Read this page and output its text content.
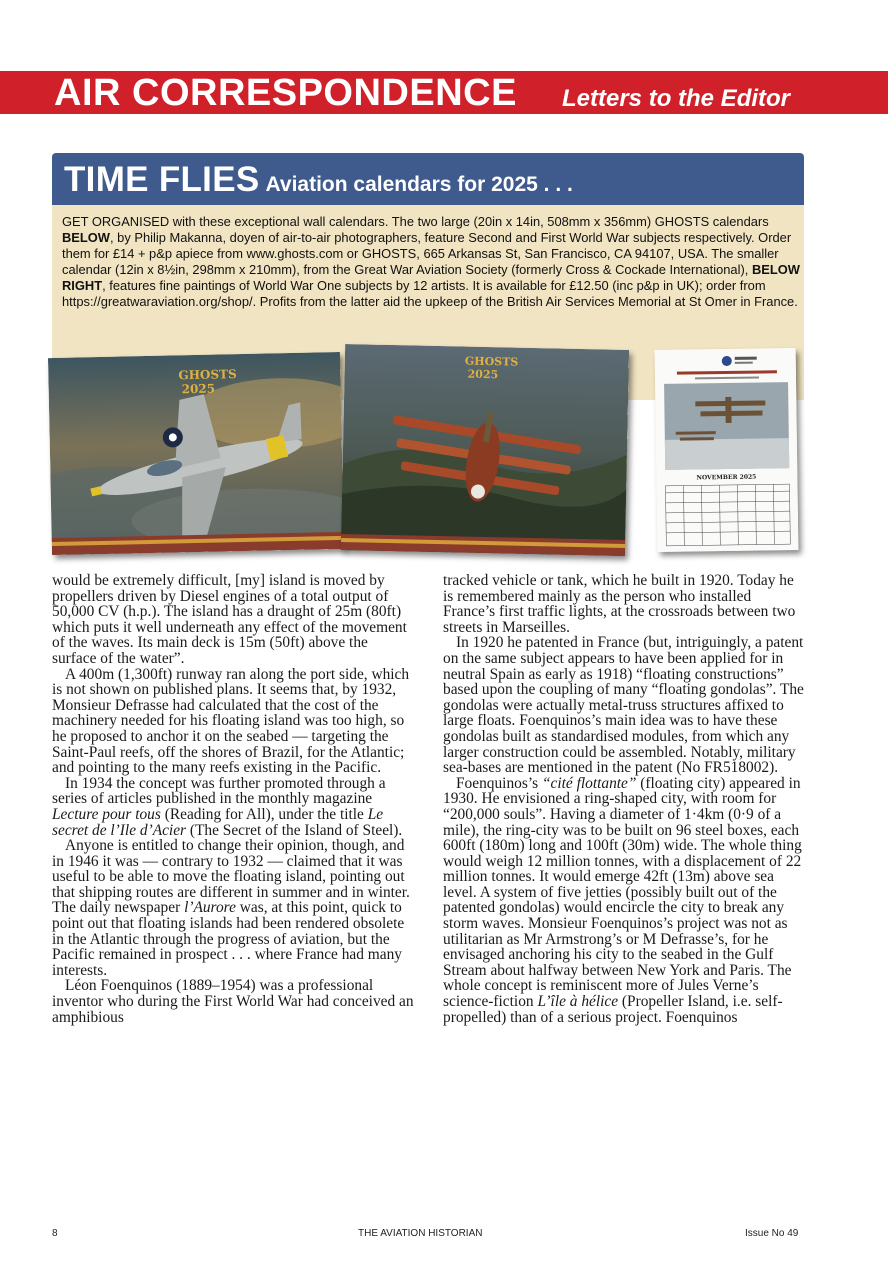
AIR CORRESPONDENCE Letters to the Editor
TIME FLIES Aviation calendars for 2025 . . .
GET ORGANISED with these exceptional wall calendars. The two large (20in x 14in, 508mm x 356mm) GHOSTS calendars BELOW, by Philip Makanna, doyen of air-to-air photographers, feature Second and First World War subjects respectively. Order them for £14 + p&p apiece from www.ghosts.com or GHOSTS, 665 Arkansas St, San Francisco, CA 94107, USA. The smaller calendar (12in x 8½in, 298mm x 210mm), from the Great War Aviation Society (formerly Cross & Cockade International), BELOW RIGHT, features fine paintings of World War One subjects by 12 artists. It is available for £12.50 (inc p&p in UK); order from https://greatwaraviation.org/shop/. Profits from the latter aid the upkeep of the British Air Services Memorial at St Omer in France.
GHOSTS
2025
GHOSTS
2025
NOVEMBER 2025

would be extremely difficult, [my] island is moved by propellers driven by Diesel engines of a total output of 50,000 CV (h.p.). The island has a draught of 25m (80ft) which puts it well underneath any effect of the movement of the waves. Its main deck is 15m (50ft) above the surface of the water”.

A 400m (1,300ft) runway ran along the port side, which is not shown on published plans. It seems that, by 1932, Monsieur Defrasse had calculated that the cost of the machinery needed for his floating island was too high, so he proposed to anchor it on the seabed — targeting the Saint-Paul reefs, off the shores of Brazil, for the Atlantic; and pointing to the many reefs existing in the Pacific.

In 1934 the concept was further promoted through a series of articles published in the monthly magazine Lecture pour tous (Reading for All), under the title Le secret de l’Ile d’Acier (The Secret of the Island of Steel).

Anyone is entitled to change their opinion, though, and in 1946 it was — contrary to 1932 — claimed that it was useful to be able to move the floating island, pointing out that shipping routes are different in summer and in winter. The daily newspaper l’Aurore was, at this point, quick to point out that floating islands had been rendered obsolete in the Atlantic through the progress of aviation, but the Pacific remained in prospect . . . where France had many interests.

Léon Foenquinos (1889–1954) was a professional inventor who during the First World War had conceived an amphibious

tracked vehicle or tank, which he built in 1920. Today he is remembered mainly as the person who installed France’s first traffic lights, at the crossroads between two streets in Marseilles.

In 1920 he patented in France (but, intriguingly, a patent on the same subject appears to have been applied for in neutral Spain as early as 1918) “floating constructions” based upon the coupling of many “floating gondolas”. The gondolas were actually metal-truss structures affixed to large floats. Foenquinos’s main idea was to have these gondolas built as standardised modules, from which any larger construction could be assembled. Notably, military sea-bases are mentioned in the patent (No FR518002).

Foenquinos’s “cité flottante” (floating city) appeared in 1930. He envisioned a ring-shaped city, with room for “200,000 souls”. Having a diameter of 1·4km (0·9 of a mile), the ring-city was to be built on 96 steel boxes, each 600ft (180m) long and 100ft (30m) wide. The whole thing would weigh 12 million tonnes, with a displacement of 22 million tonnes. It would emerge 42ft (13m) above sea level. A system of five jetties (possibly built out of the patented gondolas) would encircle the city to break any storm waves. Monsieur Foenquinos’s project was not as utilitarian as Mr Armstrong’s or M Defrasse’s, for he envisaged anchoring his city to the seabed in the Gulf Stream about halfway between New York and Paris. The whole concept is reminiscent more of Jules Verne’s science-fiction L’île à hélice (Propeller Island, i.e. self-propelled) than of a serious project. Foenquinos

8	THE AVIATION HISTORIAN	Issue No 49
